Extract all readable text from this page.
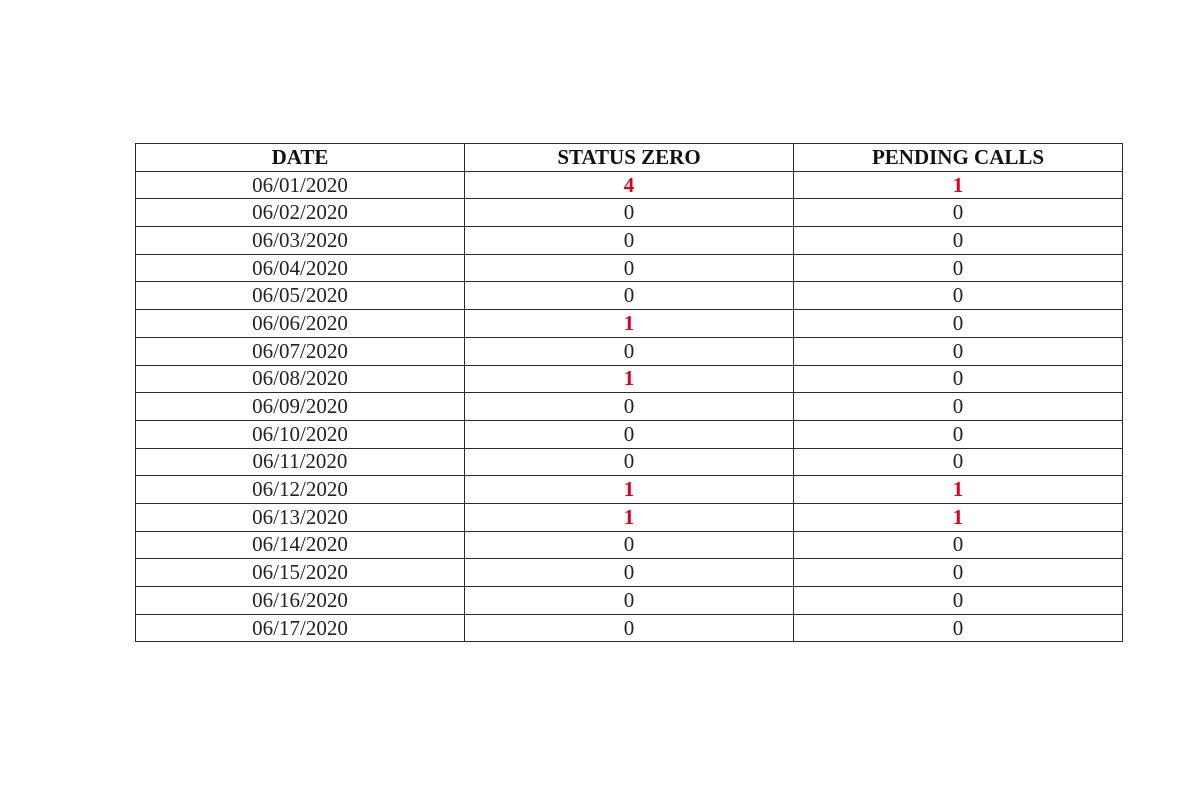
DATE	STATUS ZERO	PENDING CALLS
06/01/2020	4	1
06/02/2020	0	0
06/03/2020	0	0
06/04/2020	0	0
06/05/2020	0	0
06/06/2020	1	0
06/07/2020	0	0
06/08/2020	1	0
06/09/2020	0	0
06/10/2020	0	0
06/11/2020	0	0
06/12/2020	1	1
06/13/2020	1	1
06/14/2020	0	0
06/15/2020	0	0
06/16/2020	0	0
06/17/2020	0	0
